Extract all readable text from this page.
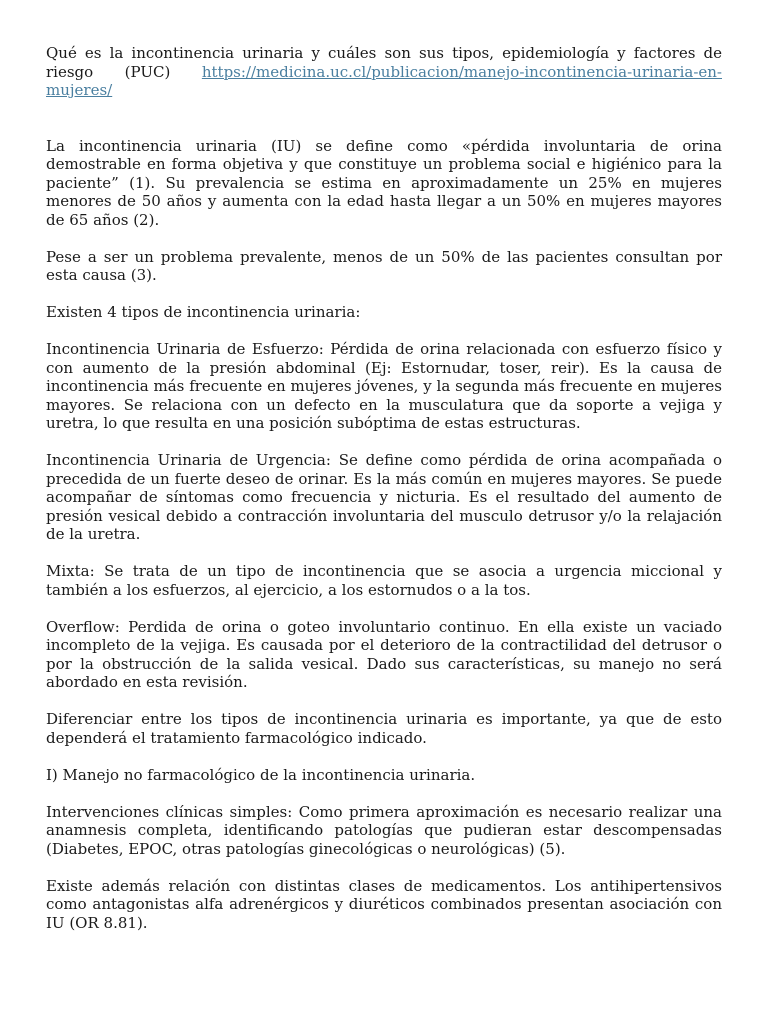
Qué es la incontinencia urinaria y cuáles son sus tipos, epidemiología y factores de riesgo (PUC) https://medicina.uc.cl/publicacion/manejo-incontinencia-urinaria-en-mujeres/

La incontinencia urinaria (IU) se define como «pérdida involuntaria de orina demostrable en forma objetiva y que constituye un problema social e higiénico para la paciente” (1). Su prevalencia se estima en aproximadamente un 25% en mujeres menores de 50 años y aumenta con la edad hasta llegar a un 50% en mujeres mayores de 65 años (2).

Pese a ser un problema prevalente, menos de un 50% de las pacientes consultan por esta causa (3).

Existen 4 tipos de incontinencia urinaria:

Incontinencia Urinaria de Esfuerzo: Pérdida de orina relacionada con esfuerzo físico y con aumento de la presión abdominal (Ej: Estornudar, toser, reir). Es la causa de incontinencia más frecuente en mujeres jóvenes, y la segunda más frecuente en mujeres mayores. Se relaciona con un defecto en la musculatura que da soporte a vejiga y uretra, lo que resulta en una posición subóptima de estas estructuras.

Incontinencia Urinaria de Urgencia: Se define como pérdida de orina acompañada o precedida de un fuerte deseo de orinar. Es la más común en mujeres mayores. Se puede acompañar de síntomas como frecuencia y nicturia. Es el resultado del aumento de presión vesical debido a contracción involuntaria del musculo detrusor y/o la relajación de la uretra.

Mixta: Se trata de un tipo de incontinencia que se asocia a urgencia miccional y también a los esfuerzos, al ejercicio, a los estornudos o a la tos.

Overflow: Perdida de orina o goteo involuntario continuo. En ella existe un vaciado incompleto de la vejiga. Es causada por el deterioro de la contractilidad del detrusor o por la obstrucción de la salida vesical. Dado sus características, su manejo no será abordado en esta revisión.

Diferenciar entre los tipos de incontinencia urinaria es importante, ya que de esto dependerá el tratamiento farmacológico indicado.

I) Manejo no farmacológico de la incontinencia urinaria.

Intervenciones clínicas simples: Como primera aproximación es necesario realizar una anamnesis completa, identificando patologías que pudieran estar descompensadas (Diabetes, EPOC, otras patologías ginecológicas o neurológicas) (5).

Existe además relación con distintas clases de medicamentos. Los antihipertensivos como antagonistas alfa adrenérgicos y diuréticos combinados presentan asociación con IU (OR 8.81).
